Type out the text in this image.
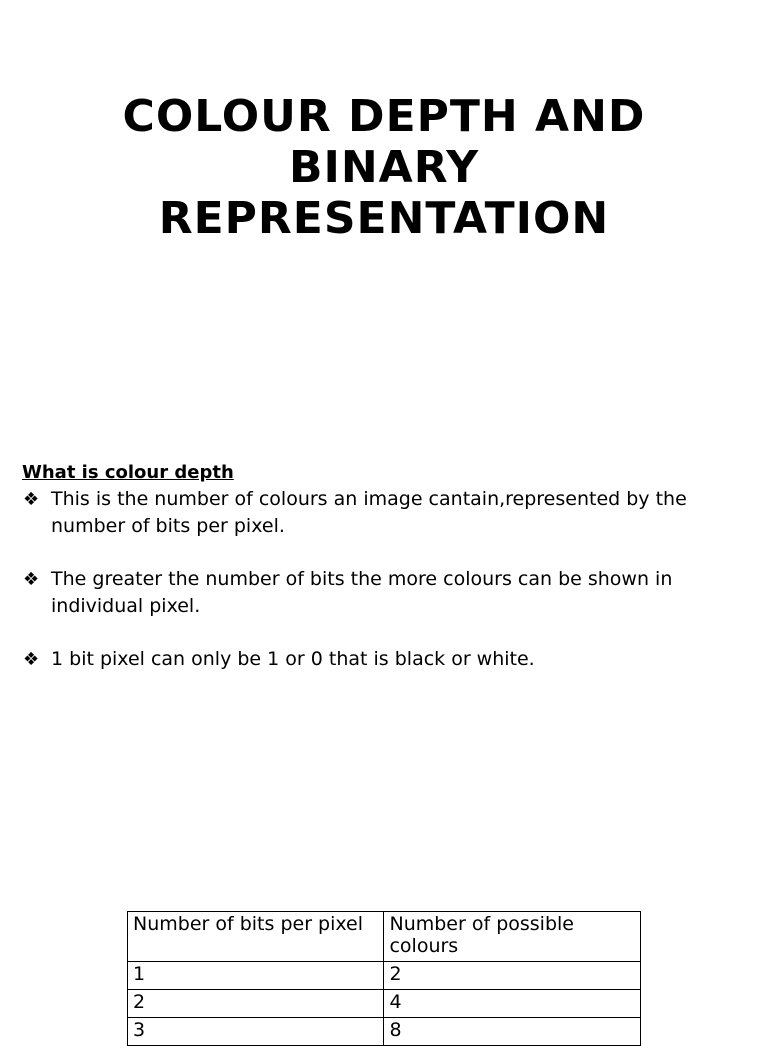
COLOUR DEPTH AND
BINARY
REPRESENTATION
What is colour depth
❖ This is the number of colours an image cantain,represented by the number of bits per pixel.
❖ The greater the number of bits the more colours can be shown in individual pixel.
❖ 1 bit pixel can only be 1 or 0 that is black or white.
Number of bits per pixel	Number of possible colours
1	2
2	4
3	8
